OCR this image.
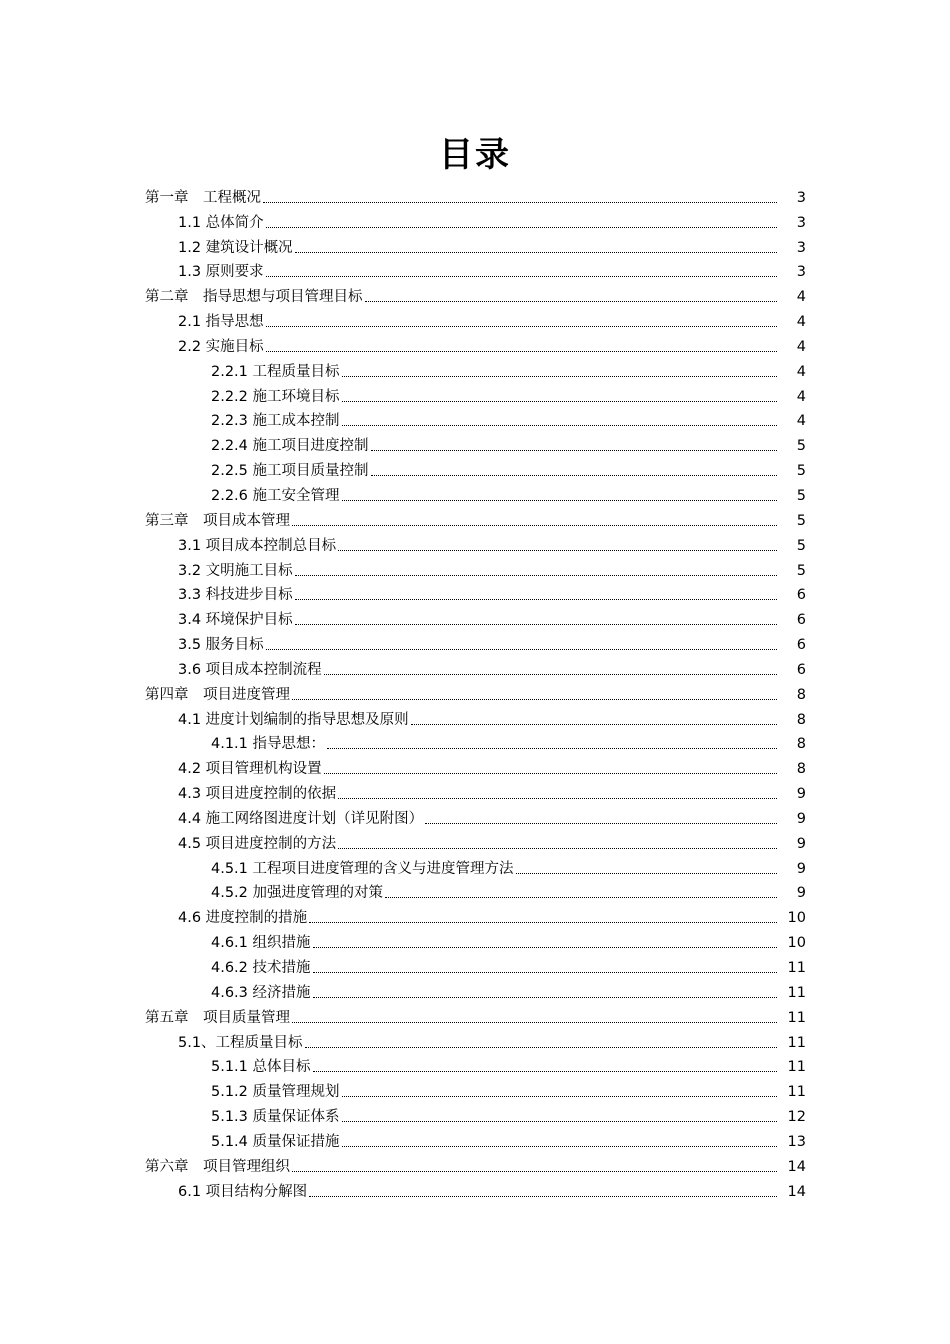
目录
第一章　工程概况	3
1.1 总体简介	3
1.2 建筑设计概况	3
1.3 原则要求	3
第二章　指导思想与项目管理目标	4
2.1 指导思想	4
2.2 实施目标	4
2.2.1 工程质量目标	4
2.2.2 施工环境目标	4
2.2.3 施工成本控制	4
2.2.4 施工项目进度控制	5
2.2.5 施工项目质量控制	5
2.2.6 施工安全管理	5
第三章　项目成本管理	5
3.1 项目成本控制总目标	5
3.2 文明施工目标	5
3.3 科技进步目标	6
3.4 环境保护目标	6
3.5 服务目标	6
3.6 项目成本控制流程	6
第四章　项目进度管理	8
4.1 进度计划编制的指导思想及原则	8
4.1.1 指导思想：	8
4.2 项目管理机构设置	8
4.3 项目进度控制的依据	9
4.4 施工网络图进度计划（详见附图）	9
4.5 项目进度控制的方法	9
4.5.1 工程项目进度管理的含义与进度管理方法	9
4.5.2 加强进度管理的对策	9
4.6 进度控制的措施	10
4.6.1 组织措施	10
4.6.2 技术措施	11
4.6.3 经济措施	11
第五章　项目质量管理	11
5.1、工程质量目标	11
5.1.1 总体目标	11
5.1.2 质量管理规划	11
5.1.3 质量保证体系	12
5.1.4 质量保证措施	13
第六章　项目管理组织	14
6.1 项目结构分解图	14
